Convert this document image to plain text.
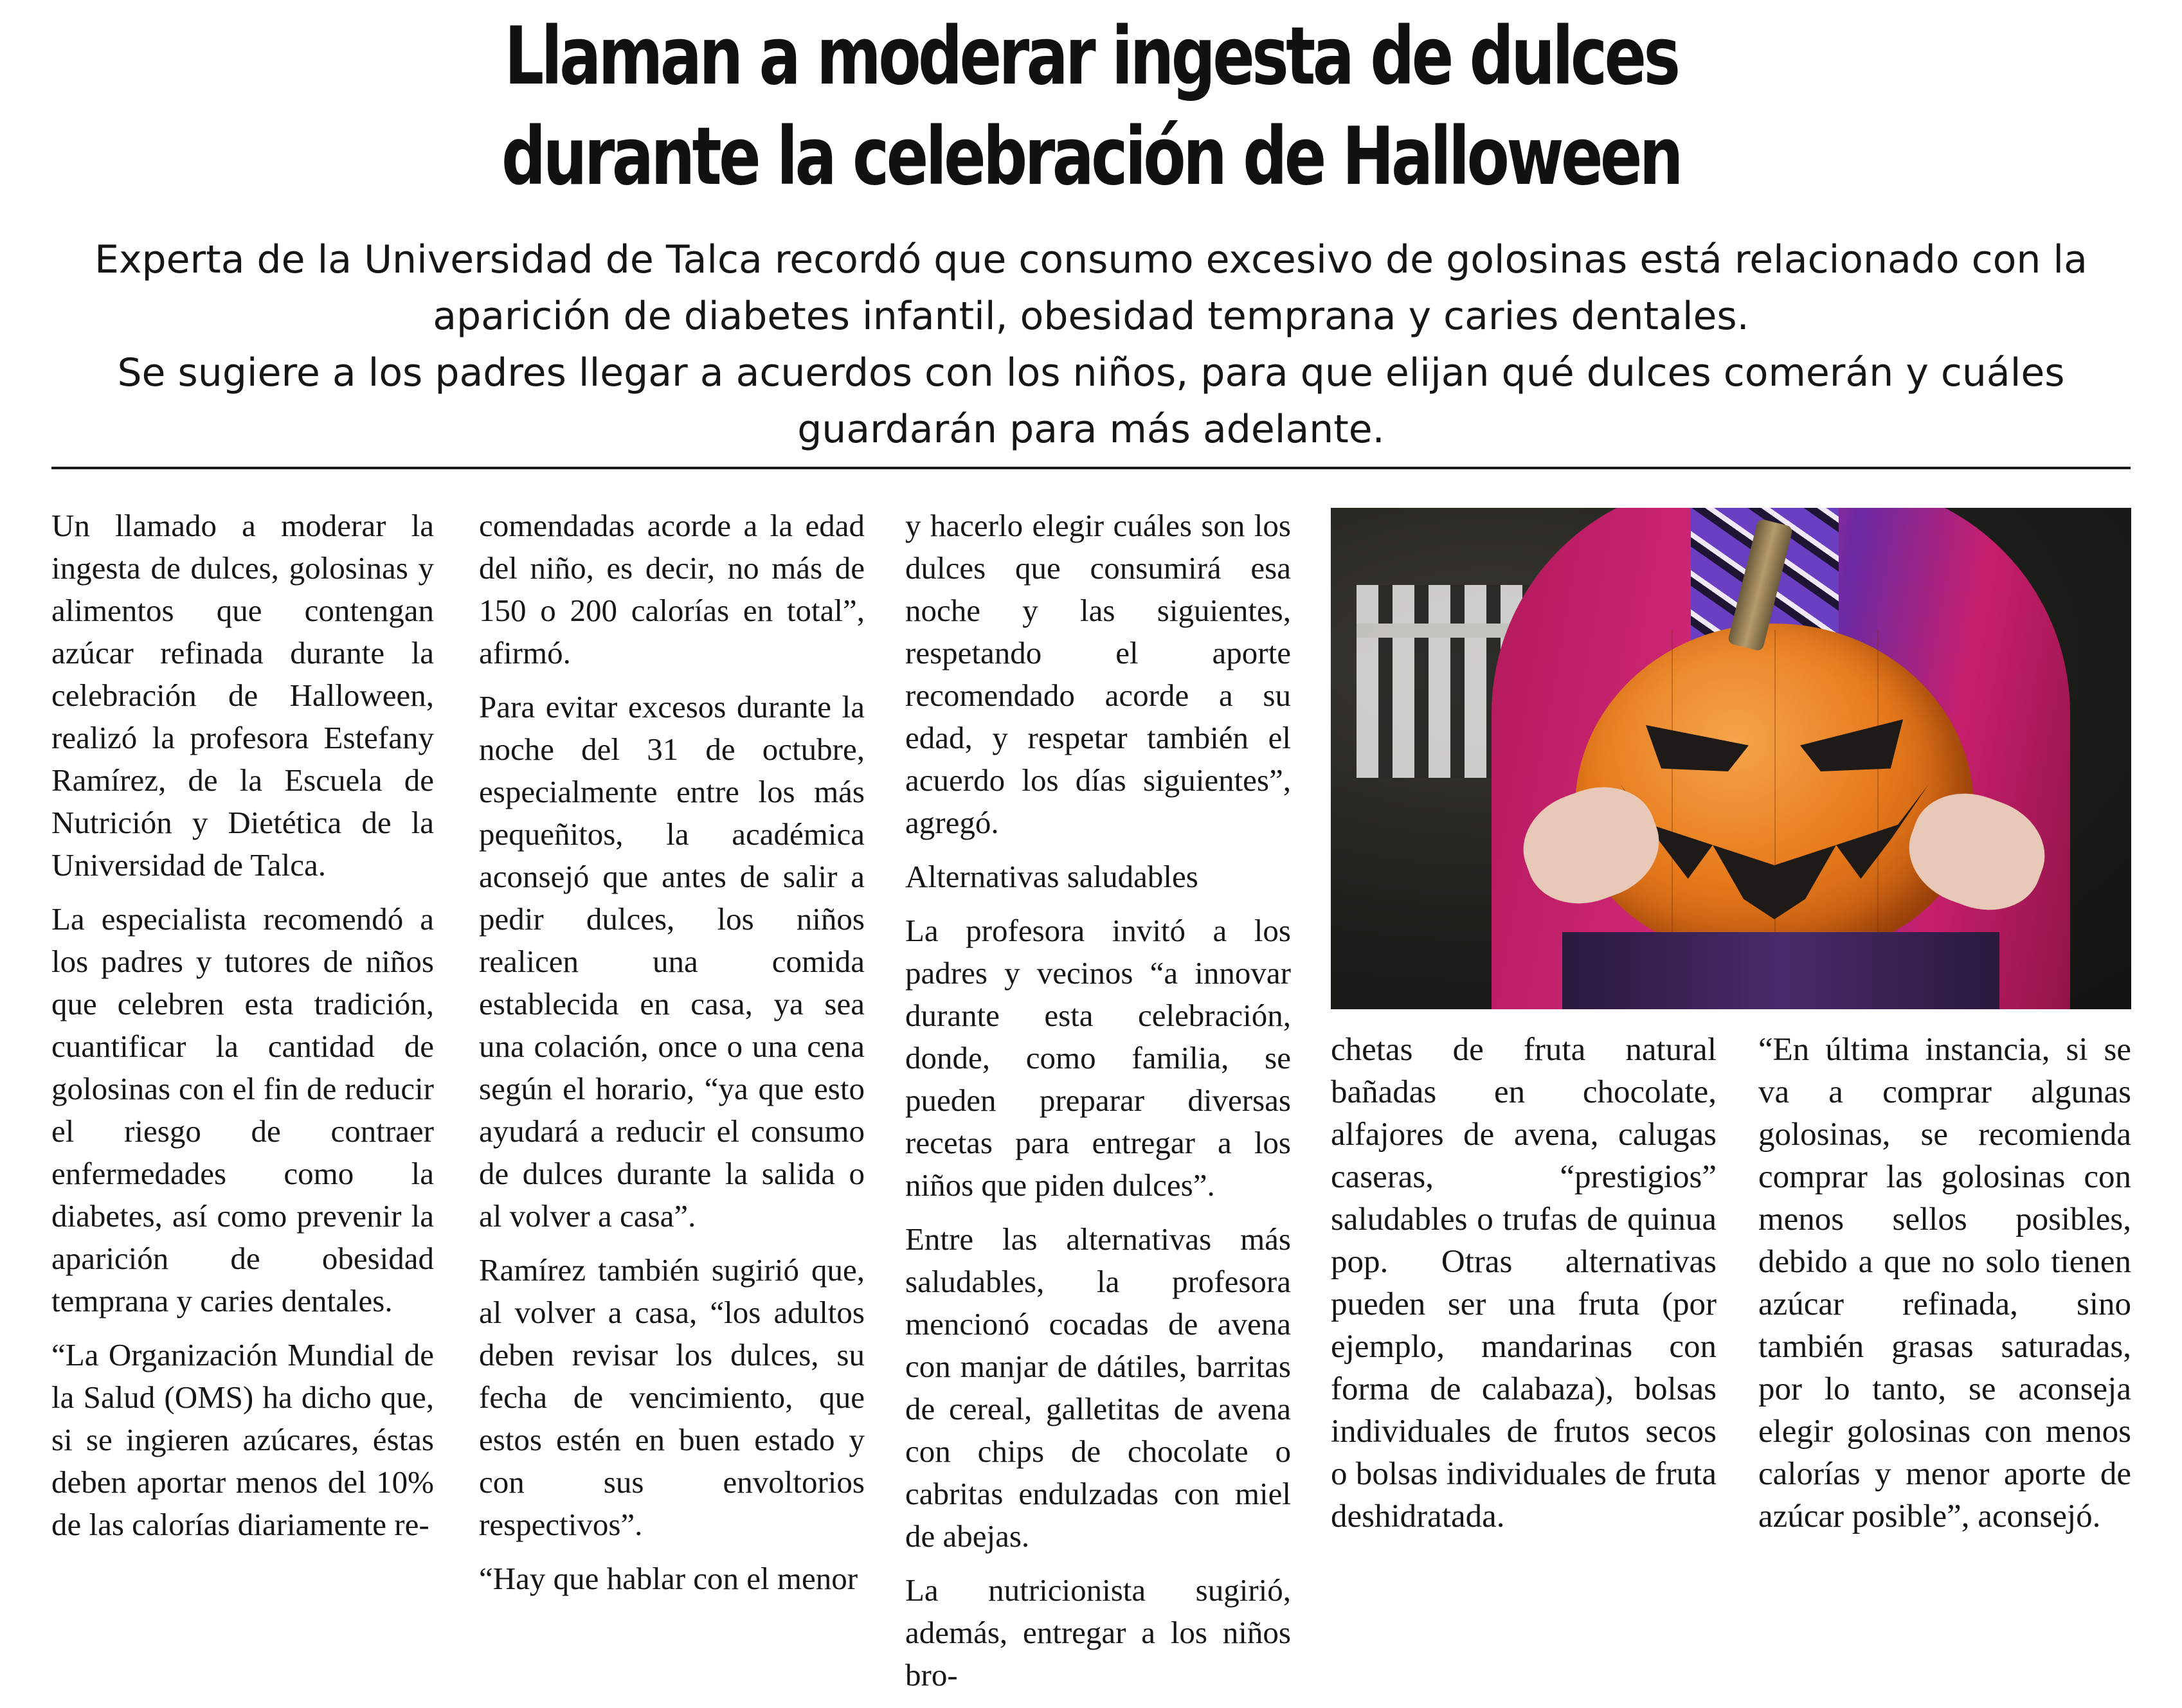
Llaman a moderar ingesta de dulces
durante la celebración de Halloween

Experta de la Universidad de Talca recordó que consumo excesivo de golosinas está relacionado con la aparición de diabetes infantil, obesidad temprana y caries dentales.

Se sugiere a los padres llegar a acuerdos con los niños, para que elijan qué dulces comerán y cuáles guardarán para más adelante.

Un llamado a moderar la ingesta de dulces, golosinas y alimentos que contengan azúcar refinada durante la celebración de Halloween, realizó la profesora Estefany Ramírez, de la Escuela de Nutrición y Dietética de la Universidad de Talca.

La especialista recomendó a los padres y tutores de niños que celebren esta tradición, cuantificar la cantidad de golosinas con el fin de reducir el riesgo de contraer enfermedades como la diabetes, así como prevenir la aparición de obesidad temprana y caries dentales.

“La Organización Mundial de la Salud (OMS) ha dicho que, si se ingieren azúcares, éstas deben aportar menos del 10% de las calorías diariamente re-

comendadas acorde a la edad del niño, es decir, no más de 150 o 200 calorías en total”, afirmó.

Para evitar excesos durante la noche del 31 de octubre, especialmente entre los más pequeñitos, la académica aconsejó que antes de salir a pedir dulces, los niños realicen una comida establecida en casa, ya sea una colación, once o una cena según el horario, “ya que esto ayudará a reducir el consumo de dulces durante la salida o al volver a casa”.

Ramírez también sugirió que, al volver a casa, “los adultos deben revisar los dulces, su fecha de vencimiento, que estos estén en buen estado y con sus envoltorios respectivos”.

“Hay que hablar con el menor

y hacerlo elegir cuáles son los dulces que consumirá esa noche y las siguientes, respetando el aporte recomendado acorde a su edad, y respetar también el acuerdo los días siguientes”, agregó.

Alternativas saludables

La profesora invitó a los padres y vecinos “a innovar durante esta celebración, donde, como familia, se pueden preparar diversas recetas para entregar a los niños que piden dulces”.

Entre las alternativas más saludables, la profesora mencionó cocadas de avena con manjar de dátiles, barritas de cereal, galletitas de avena con chips de chocolate o cabritas endulzadas con miel de abejas.

La nutricionista sugirió, además, entregar a los niños bro-

chetas de fruta natural bañadas en chocolate, alfajores de avena, calugas caseras, “prestigios” saludables o trufas de quinua pop. Otras alternativas pueden ser una fruta (por ejemplo, mandarinas con forma de calabaza), bolsas individuales de frutos secos o bolsas individuales de fruta deshidratada.

“En última instancia, si se va a comprar algunas golosinas, se recomienda comprar las golosinas con menos sellos posibles, debido a que no solo tienen azúcar refinada, sino también grasas saturadas, por lo tanto, se aconseja elegir golosinas con menos calorías y menor aporte de azúcar posible”, aconsejó.
